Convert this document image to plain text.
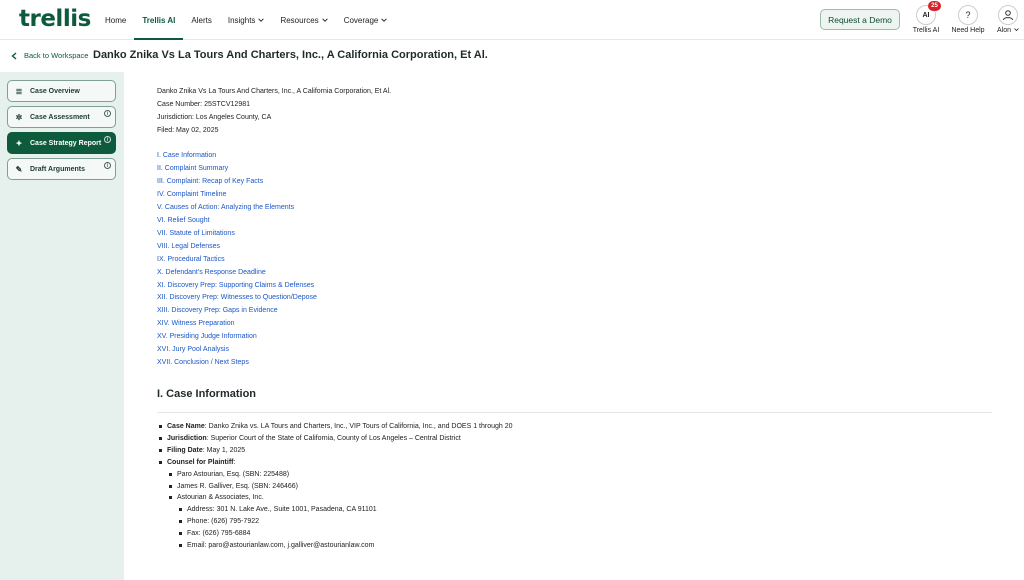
trellis	Home	Trellis AI	Alerts	Insights	Resources	Coverage	Request a Demo	AI
25
Trellis AI
?
Need Help	Alon
Back to Workspace Danko Znika Vs La Tours And Charters, Inc., A California Corporation, Et Al.
≣ Case Overview
✲ Case Assessment	i
✦ Case Strategy Report	i
✎ Draft Arguments	i
Danko Znika Vs La Tours And Charters, Inc., A California Corporation, Et Al.
Case Number: 25STCV12981
Jurisdiction: Los Angeles County, CA
Filed: May 02, 2025
I. Case Information
II. Complaint Summary
III. Complaint: Recap of Key Facts
IV. Complaint Timeline
V. Causes of Action: Analyzing the Elements
VI. Relief Sought
VII. Statute of Limitations
VIII. Legal Defenses
IX. Procedural Tactics
X. Defendant's Response Deadline
XI. Discovery Prep: Supporting Claims & Defenses
XII. Discovery Prep: Witnesses to Question/Depose
XIII. Discovery Prep: Gaps in Evidence
XIV. Witness Preparation
XV. Presiding Judge Information
XVI. Jury Pool Analysis
XVII. Conclusion / Next Steps
I. Case Information
Case Name: Danko Znika vs. LA Tours and Charters, Inc., VIP Tours of California, Inc., and DOES 1 through 20
Jurisdiction: Superior Court of the State of California, County of Los Angeles – Central District
Filing Date: May 1, 2025
Counsel for Plaintiff:
Paro Astourian, Esq. (SBN: 225488)
James R. Galliver, Esq. (SBN: 246466)
Astourian & Associates, Inc.
Address: 301 N. Lake Ave., Suite 1001, Pasadena, CA 91101
Phone: (626) 795-7922
Fax: (626) 795-6884
Email: paro@astourianlaw.com, j.galliver@astourianlaw.com
